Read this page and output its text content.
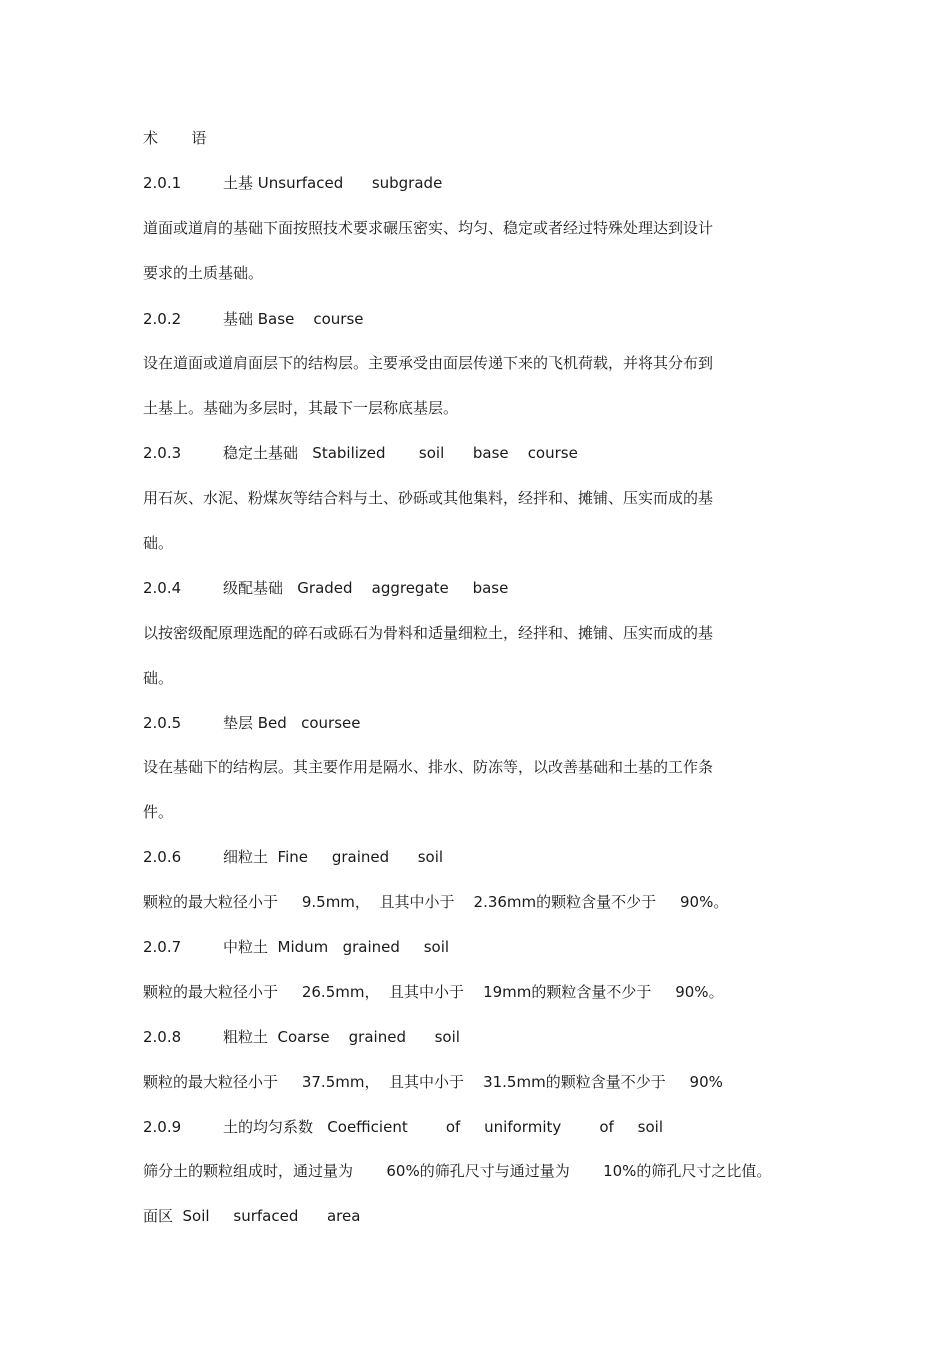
术       语
2.0.1	土基 Unsurfaced      subgrade
道面或道肩的基础下面按照技术要求碾压密实、均匀、稳定或者经过特殊处理达到设计
要求的土质基础。
2.0.2	基础 Base    course
设在道面或道肩面层下的结构层。主要承受由面层传递下来的飞机荷载，并将其分布到
土基上。基础为多层时，其最下一层称底基层。
2.0.3	稳定土基础   Stabilized       soil      base    course
用石灰、水泥、粉煤灰等结合料与土、砂砾或其他集料，经拌和、摊铺、压实而成的基
础。
2.0.4	级配基础   Graded    aggregate     base
以按密级配原理选配的碎石或砾石为骨料和适量细粒土，经拌和、摊铺、压实而成的基
础。
2.0.5	垫层 Bed   coursee
设在基础下的结构层。其主要作用是隔水、排水、防冻等，以改善基础和土基的工作条
件。
2.0.6	细粒土  Fine     grained      soil
颗粒的最大粒径小于     9.5mm，  且其中小于    2.36mm的颗粒含量不少于     90%。
2.0.7	中粒土  Midum   grained     soil
颗粒的最大粒径小于     26.5mm，  且其中小于    19mm的颗粒含量不少于     90%。
2.0.8	粗粒土  Coarse    grained      soil
颗粒的最大粒径小于     37.5mm，  且其中小于    31.5mm的颗粒含量不少于     90%
2.0.9	土的均匀系数   Coefficient        of     uniformity        of     soil
筛分土的颗粒组成时，通过量为       60%的筛孔尺寸与通过量为       10%的筛孔尺寸之比值。
面区  Soil     surfaced      area
